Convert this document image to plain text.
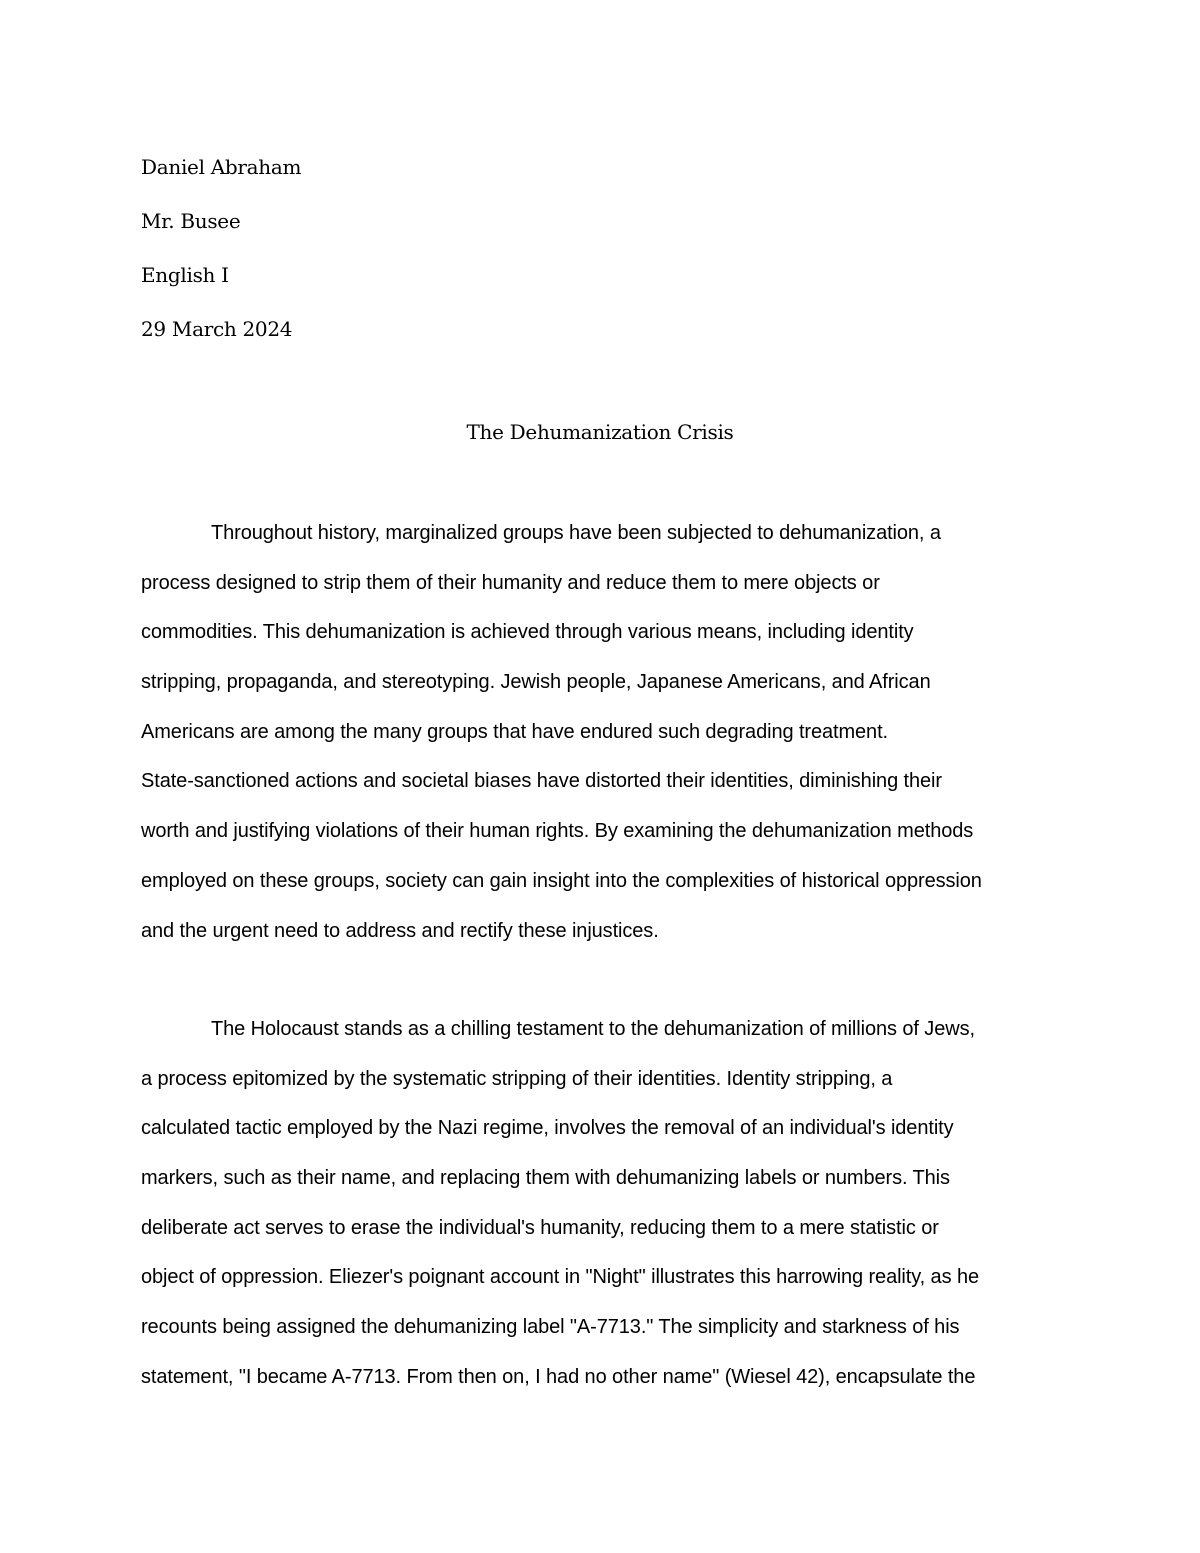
Daniel Abraham
Mr. Busee
English I
29 March 2024
The Dehumanization Crisis
Throughout history, marginalized groups have been subjected to dehumanization, a
process designed to strip them of their humanity and reduce them to mere objects or
commodities. This dehumanization is achieved through various means, including identity
stripping, propaganda, and stereotyping. Jewish people, Japanese Americans, and African
Americans are among the many groups that have endured such degrading treatment.
State-sanctioned actions and societal biases have distorted their identities, diminishing their
worth and justifying violations of their human rights. By examining the dehumanization methods
employed on these groups, society can gain insight into the complexities of historical oppression
and the urgent need to address and rectify these injustices.
The Holocaust stands as a chilling testament to the dehumanization of millions of Jews,
a process epitomized by the systematic stripping of their identities. Identity stripping, a
calculated tactic employed by the Nazi regime, involves the removal of an individual's identity
markers, such as their name, and replacing them with dehumanizing labels or numbers. This
deliberate act serves to erase the individual's humanity, reducing them to a mere statistic or
object of oppression. Eliezer's poignant account in "Night" illustrates this harrowing reality, as he
recounts being assigned the dehumanizing label "A-7713." The simplicity and starkness of his
statement, "I became A-7713. From then on, I had no other name" (Wiesel 42), encapsulate the
